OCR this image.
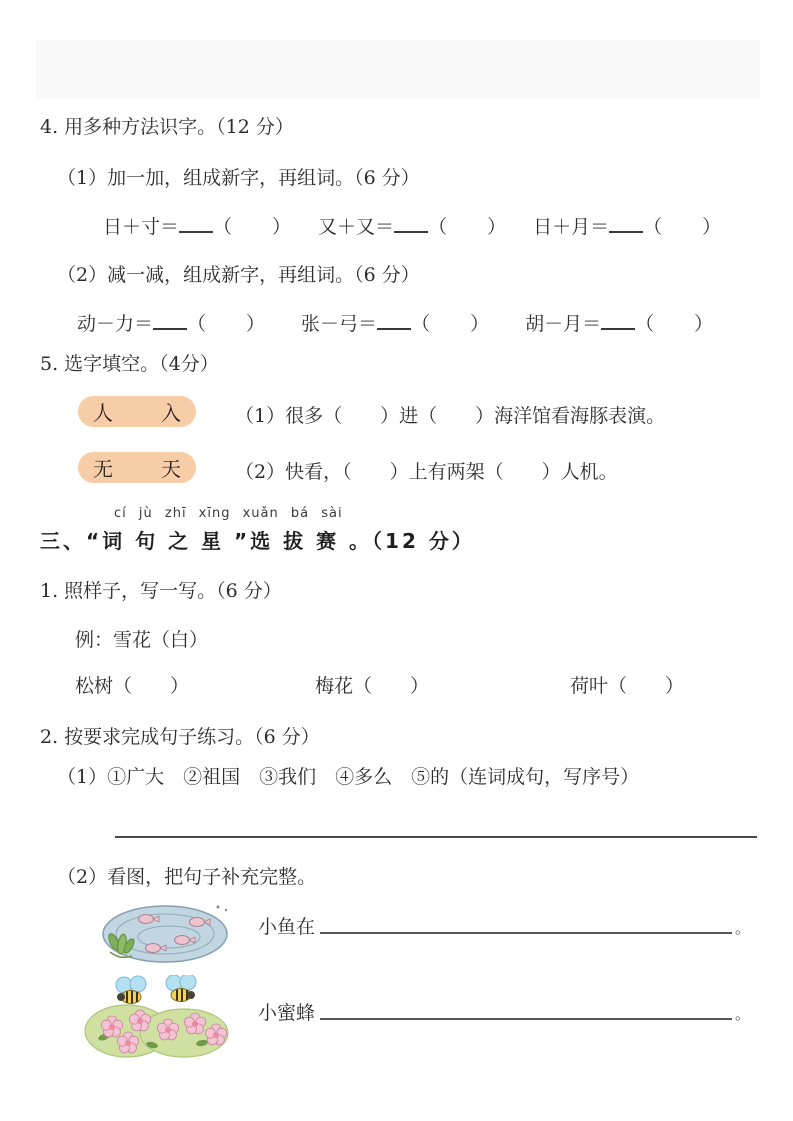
4. 用多种方法识字。（12 分）
（1）加一加，组成新字，再组词。（6 分）
日＋寸＝ （ ） 又＋又＝ （ ） 日＋月＝ （ ）
（2）减一减，组成新字，再组词。（6 分）
动－力＝ （ ） 张－弓＝ （ ） 胡－月＝ （ ）
5. 选字填空。（4分）
人 入	（1）很多（　　）进（　　）海洋馆看海豚表演。
无 天	（2）快看，（　　）上有两架（　　）人机。
cí jù zhī xīng xuǎn bá sài
三、“词 句 之 星 ”选 拔 赛 。（12 分）
1. 照样子，写一写。（6 分）
例：雪花（白）
松树（　　）	梅花（　　）	荷叶（　　）
2. 按要求完成句子练习。（6 分）
（1）①广大　②祖国　③我们　④多么　⑤的（连词成句，写序号）
（2）看图，把句子补充完整。
小鱼在	。
小蜜蜂	。
